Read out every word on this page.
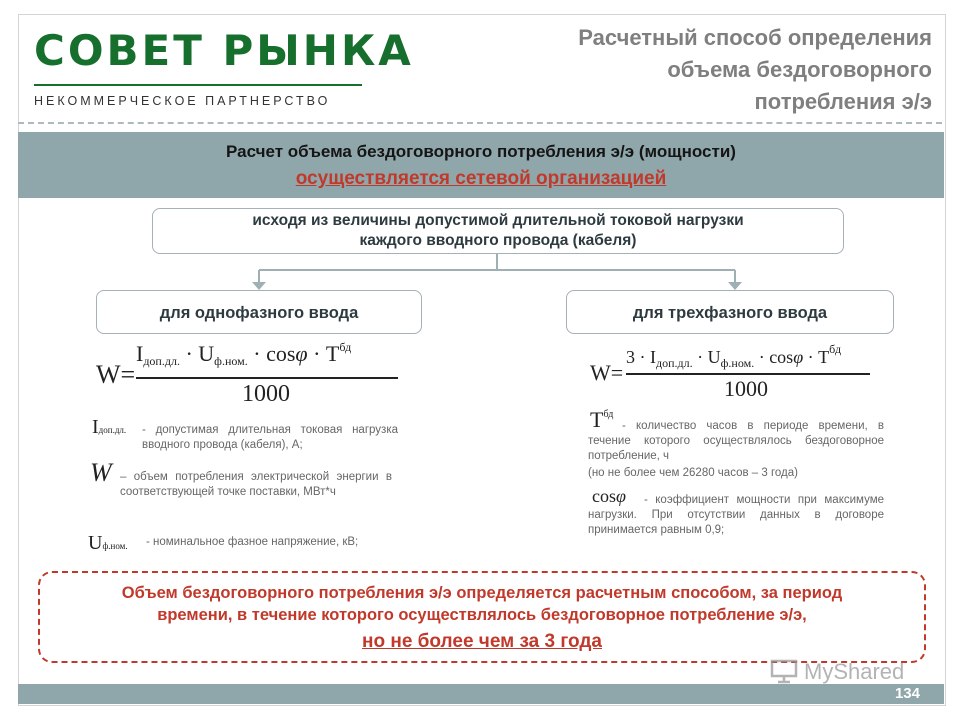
СОВЕТ РЫНКА
НЕКОММЕРЧЕСКОЕ ПАРТНЕРСТВО
Расчетный способ определения
объема бездоговорного
потребления э/э
Расчет объема бездоговорного потребления э/э (мощности)
осуществляется сетевой организацией
исходя из величины допустимой длительной токовой нагрузки
каждого вводного провода (кабеля)
для однофазного ввода	для трехфазного ввода
W=
$I_{доп.дл.} \cdot U_{ф.ном.} \cdot \cos\varphi \cdot T^{бд}$
1000
W=
$3 \cdot I_{доп.дл.} \cdot U_{ф.ном.} \cdot \cos\varphi \cdot T^{бд}$
1000
Iдоп.дл. - допустимая длительная токовая нагрузка вводного провода (кабеля), А;
W – объем потребления электрической энергии в соответствующей точке поставки, МВт*ч
Uф.ном. - номинальное фазное напряжение, кВ;
$T^{бд}$
- количество часов в периоде времени, в течение которого осуществлялось бездоговорное потребление, ч
(но не более чем 26280 часов – 3 года)
cosφ	- коэффициент мощности при максимуме нагрузки. При отсутствии данных в договоре принимается равным 0,9;
Объем бездоговорного потребления э/э определяется расчетным способом, за период
времени, в течение которого осуществлялось бездоговорное потребление э/э,
но не более чем за 3 года
MyShared
134
